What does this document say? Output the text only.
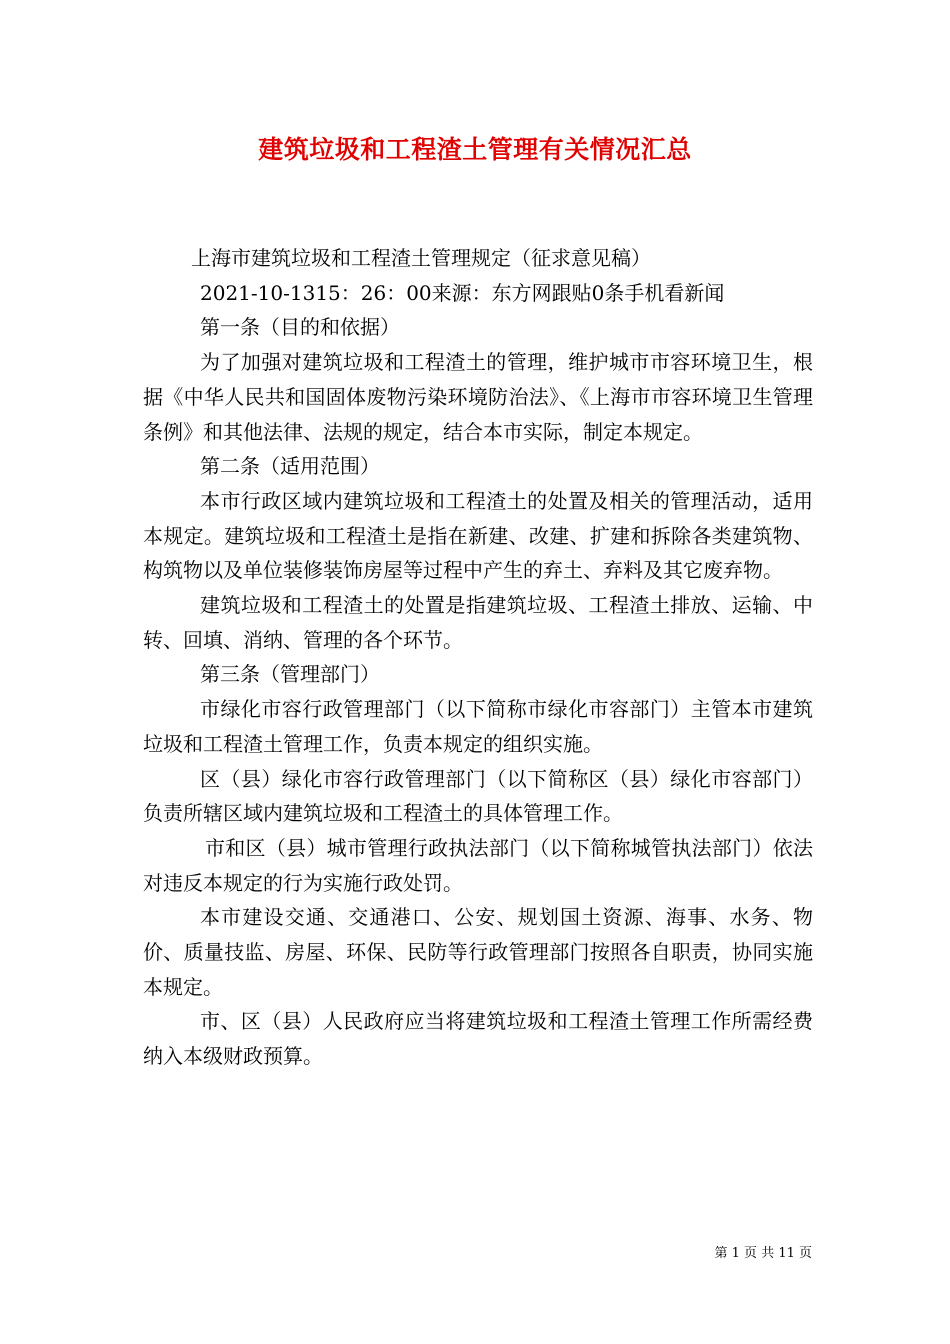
建筑垃圾和工程渣土管理有关情况汇总

上海市建筑垃圾和工程渣土管理规定（征求意见稿）

2021-10-1315：26：00来源：东方网跟贴0条手机看新闻

第一条（目的和依据）

为了加强对建筑垃圾和工程渣土的管理，维护城市市容环境卫生，根据《中华人民共和国固体废物污染环境防治法》、《上海市市容环境卫生管理条例》和其他法律、法规的规定，结合本市实际，制定本规定。

第二条（适用范围）

本市行政区域内建筑垃圾和工程渣土的处置及相关的管理活动，适用本规定。建筑垃圾和工程渣土是指在新建、改建、扩建和拆除各类建筑物、构筑物以及单位装修装饰房屋等过程中产生的弃土、弃料及其它废弃物。

建筑垃圾和工程渣土的处置是指建筑垃圾、工程渣土排放、运输、中转、回填、消纳、管理的各个环节。

第三条（管理部门）

市绿化市容行政管理部门（以下简称市绿化市容部门）主管本市建筑垃圾和工程渣土管理工作，负责本规定的组织实施。

区（县）绿化市容行政管理部门（以下简称区（县）绿化市容部门）负责所辖区域内建筑垃圾和工程渣土的具体管理工作。

市和区（县）城市管理行政执法部门（以下简称城管执法部门）依法对违反本规定的行为实施行政处罚。

本市建设交通、交通港口、公安、规划国土资源、海事、水务、物价、质量技监、房屋、环保、民防等行政管理部门按照各自职责，协同实施本规定。

市、区（县）人民政府应当将建筑垃圾和工程渣土管理工作所需经费纳入本级财政预算。

第 1 页 共 11 页
